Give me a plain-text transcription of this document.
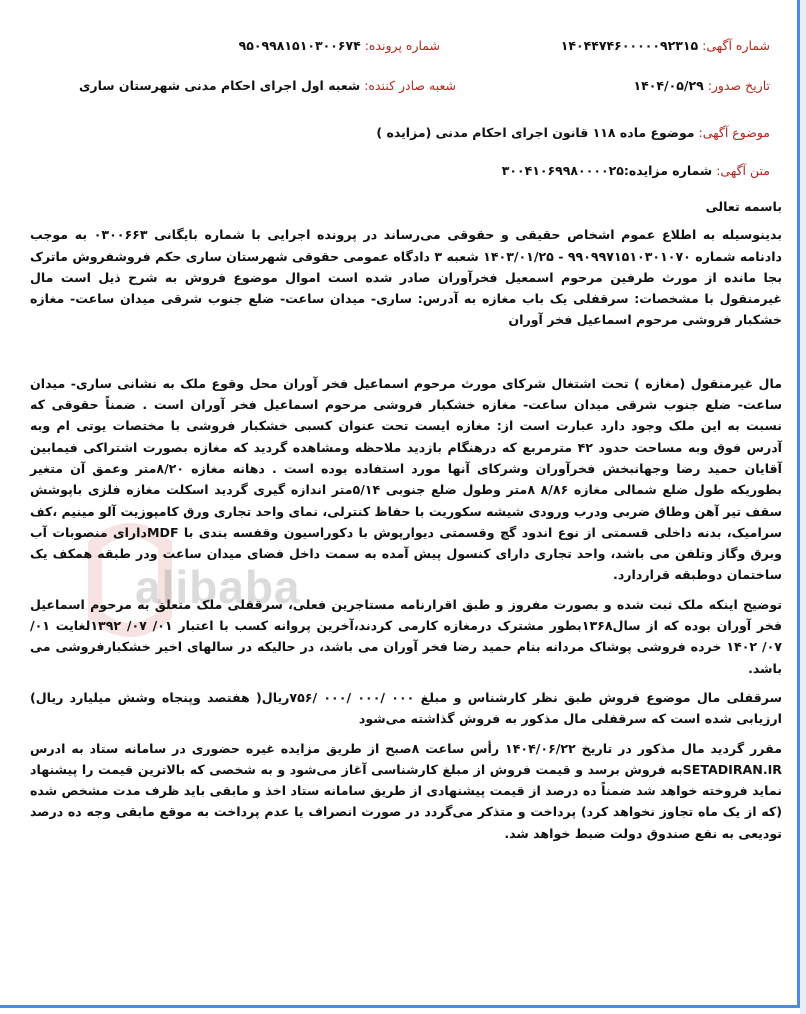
alibaba
شماره آگهی: ۱۴۰۴۴۷۴۶۰۰۰۰۰۹۲۳۱۵
شماره پرونده: ۹۵۰۹۹۸۱۵۱۰۳۰۰۶۷۴
تاریخ صدور: ۱۴۰۴/۰۵/۲۹
شعبه صادر کننده: شعبه اول اجرای احکام مدنی شهرستان ساری
موضوع آگهی: موضوع ماده ۱۱۸ قانون اجرای احکام مدنی (مزایده )
متن آگهی: شماره مزایده:۳۰۰۴۱۰۶۹۹۸۰۰۰۰۲۵

باسمه تعالی

بدینوسیله به اطلاع عموم اشخاص حقیقی و حقوقی می‌رساند در پرونده اجرایی با شماره بایگانی ۰۳۰۰۶۶۳ به موجب دادنامه شماره ۹۹۰۹۹۷۱۵۱۰۳۰۱۰۷۰ - ۱۴۰۳/۰۱/۲۵ شعبه ۳ دادگاه عمومی حقوقی شهرستان ساری حکم فروشفروش ماترک بجا مانده از مورث طرفین مرحوم اسمعیل فخرآوران صادر شده است اموال موضوع فروش به شرح ذیل است مال غیرمنقول با مشخصات: سرقفلی یک باب مغازه به آدرس: ساری- میدان ساعت- ضلع جنوب شرقی میدان ساعت- مغازه خشکبار فروشی مرحوم اسماعیل فخر آوران

مال غیرمنقول (مغازه ) تحت اشتغال شرکای مورث مرحوم اسماعیل فخر آوران محل وقوع ملک به نشانی ساری- میدان ساعت- ضلع جنوب شرقی میدان ساعت- مغازه خشکبار فروشی مرحوم اسماعیل فخر آوران است . ضمناً حقوقی که نسبت به این ملک وجود دارد عبارت است از: مغازه ایست تحت عنوان کسبی خشکبار فروشی با مختصات یوتی ام وبه آدرس فوق وبه مساحت حدود ۴۲ مترمربع که درهنگام بازدید ملاحظه ومشاهده گردید که مغازه بصورت اشتراکی فیمابین آقایان حمید رضا وجهانبخش فخرآوران وشرکای آنها مورد استفاده بوده است . دهانه مغازه ۸/۲۰متر وعمق آن متغیر بطوریکه طول ضلع شمالی مغازه ۸/۸۶ ۸متر وطول ضلع جنوبی ۵/۱۴متر اندازه گیری گردید اسکلت مغازه فلزی باپوشش سقف تیر آهن وطاق ضربی ودرب ورودی شیشه سکوریت با حفاظ کنترلی، نمای واحد تجاری ورق کامپوزیت آلو مینیم ،کف سرامیک، بدنه داخلی قسمتی از نوع اندود گچ وقسمتی دیوارپوش با دکوراسیون وقفسه بندی با MDFدارای منصوبات آب وبرق وگاز وتلفن می باشد، واحد تجاری دارای کنسول پیش آمده به سمت داخل فضای میدان ساعت ودر طبقه همکف یک ساختمان دوطبقه قراردارد.

توضیح اینکه ملک ثبت شده و بصورت مفروز و طبق اقرارنامه مستاجرین فعلی، سرقفلی ملک متعلق به مرحوم اسماعیل فخر آوران بوده که از سال۱۳۶۸بطور مشترک درمغازه کارمی کردند،آخرین پروانه کسب با اعتبار ۰۱/ ۰۷/ ۱۳۹۲لغایت ۰۱/ ۰۷/ ۱۴۰۲ خرده فروشی پوشاک مردانه بنام حمید رضا فخر آوران می باشد، در حالیکه در سالهای اخیر خشکبارفروشی می باشد.

سرقفلی مال موضوع فروش طبق نظر کارشناس و مبلغ ۰۰۰ /۰۰۰ /۰۰۰ /۷۵۶ریال( هفتصد وپنجاه وشش میلیارد ریال) ارزیابی شده است که سرقفلی مال مذکور به فروش گذاشته می‌شود

مقرر گردید مال مذکور در تاریخ ۱۴۰۴/۰۶/۲۲ رأس ساعت ۸صبح از طریق مزایده غیره حضوری در سامانه ستاد به ادرس SETADIRAN.IRبه فروش برسد و قیمت فروش از مبلغ کارشناسی آغاز می‌شود و به شخصی که بالاترین قیمت را پیشنهاد نماید فروخته خواهد شد ضمناً ده درصد از قیمت پیشنهادی از طریق سامانه ستاد اخذ و مابقی باید ظرف مدت مشخص شده (که از یک ماه تجاوز نخواهد کرد) پرداخت و متذکر می‌گردد در صورت انصراف یا عدم پرداخت به موقع مابقی وجه ده درصد تودیعی به نفع صندوق دولت ضبط خواهد شد.
